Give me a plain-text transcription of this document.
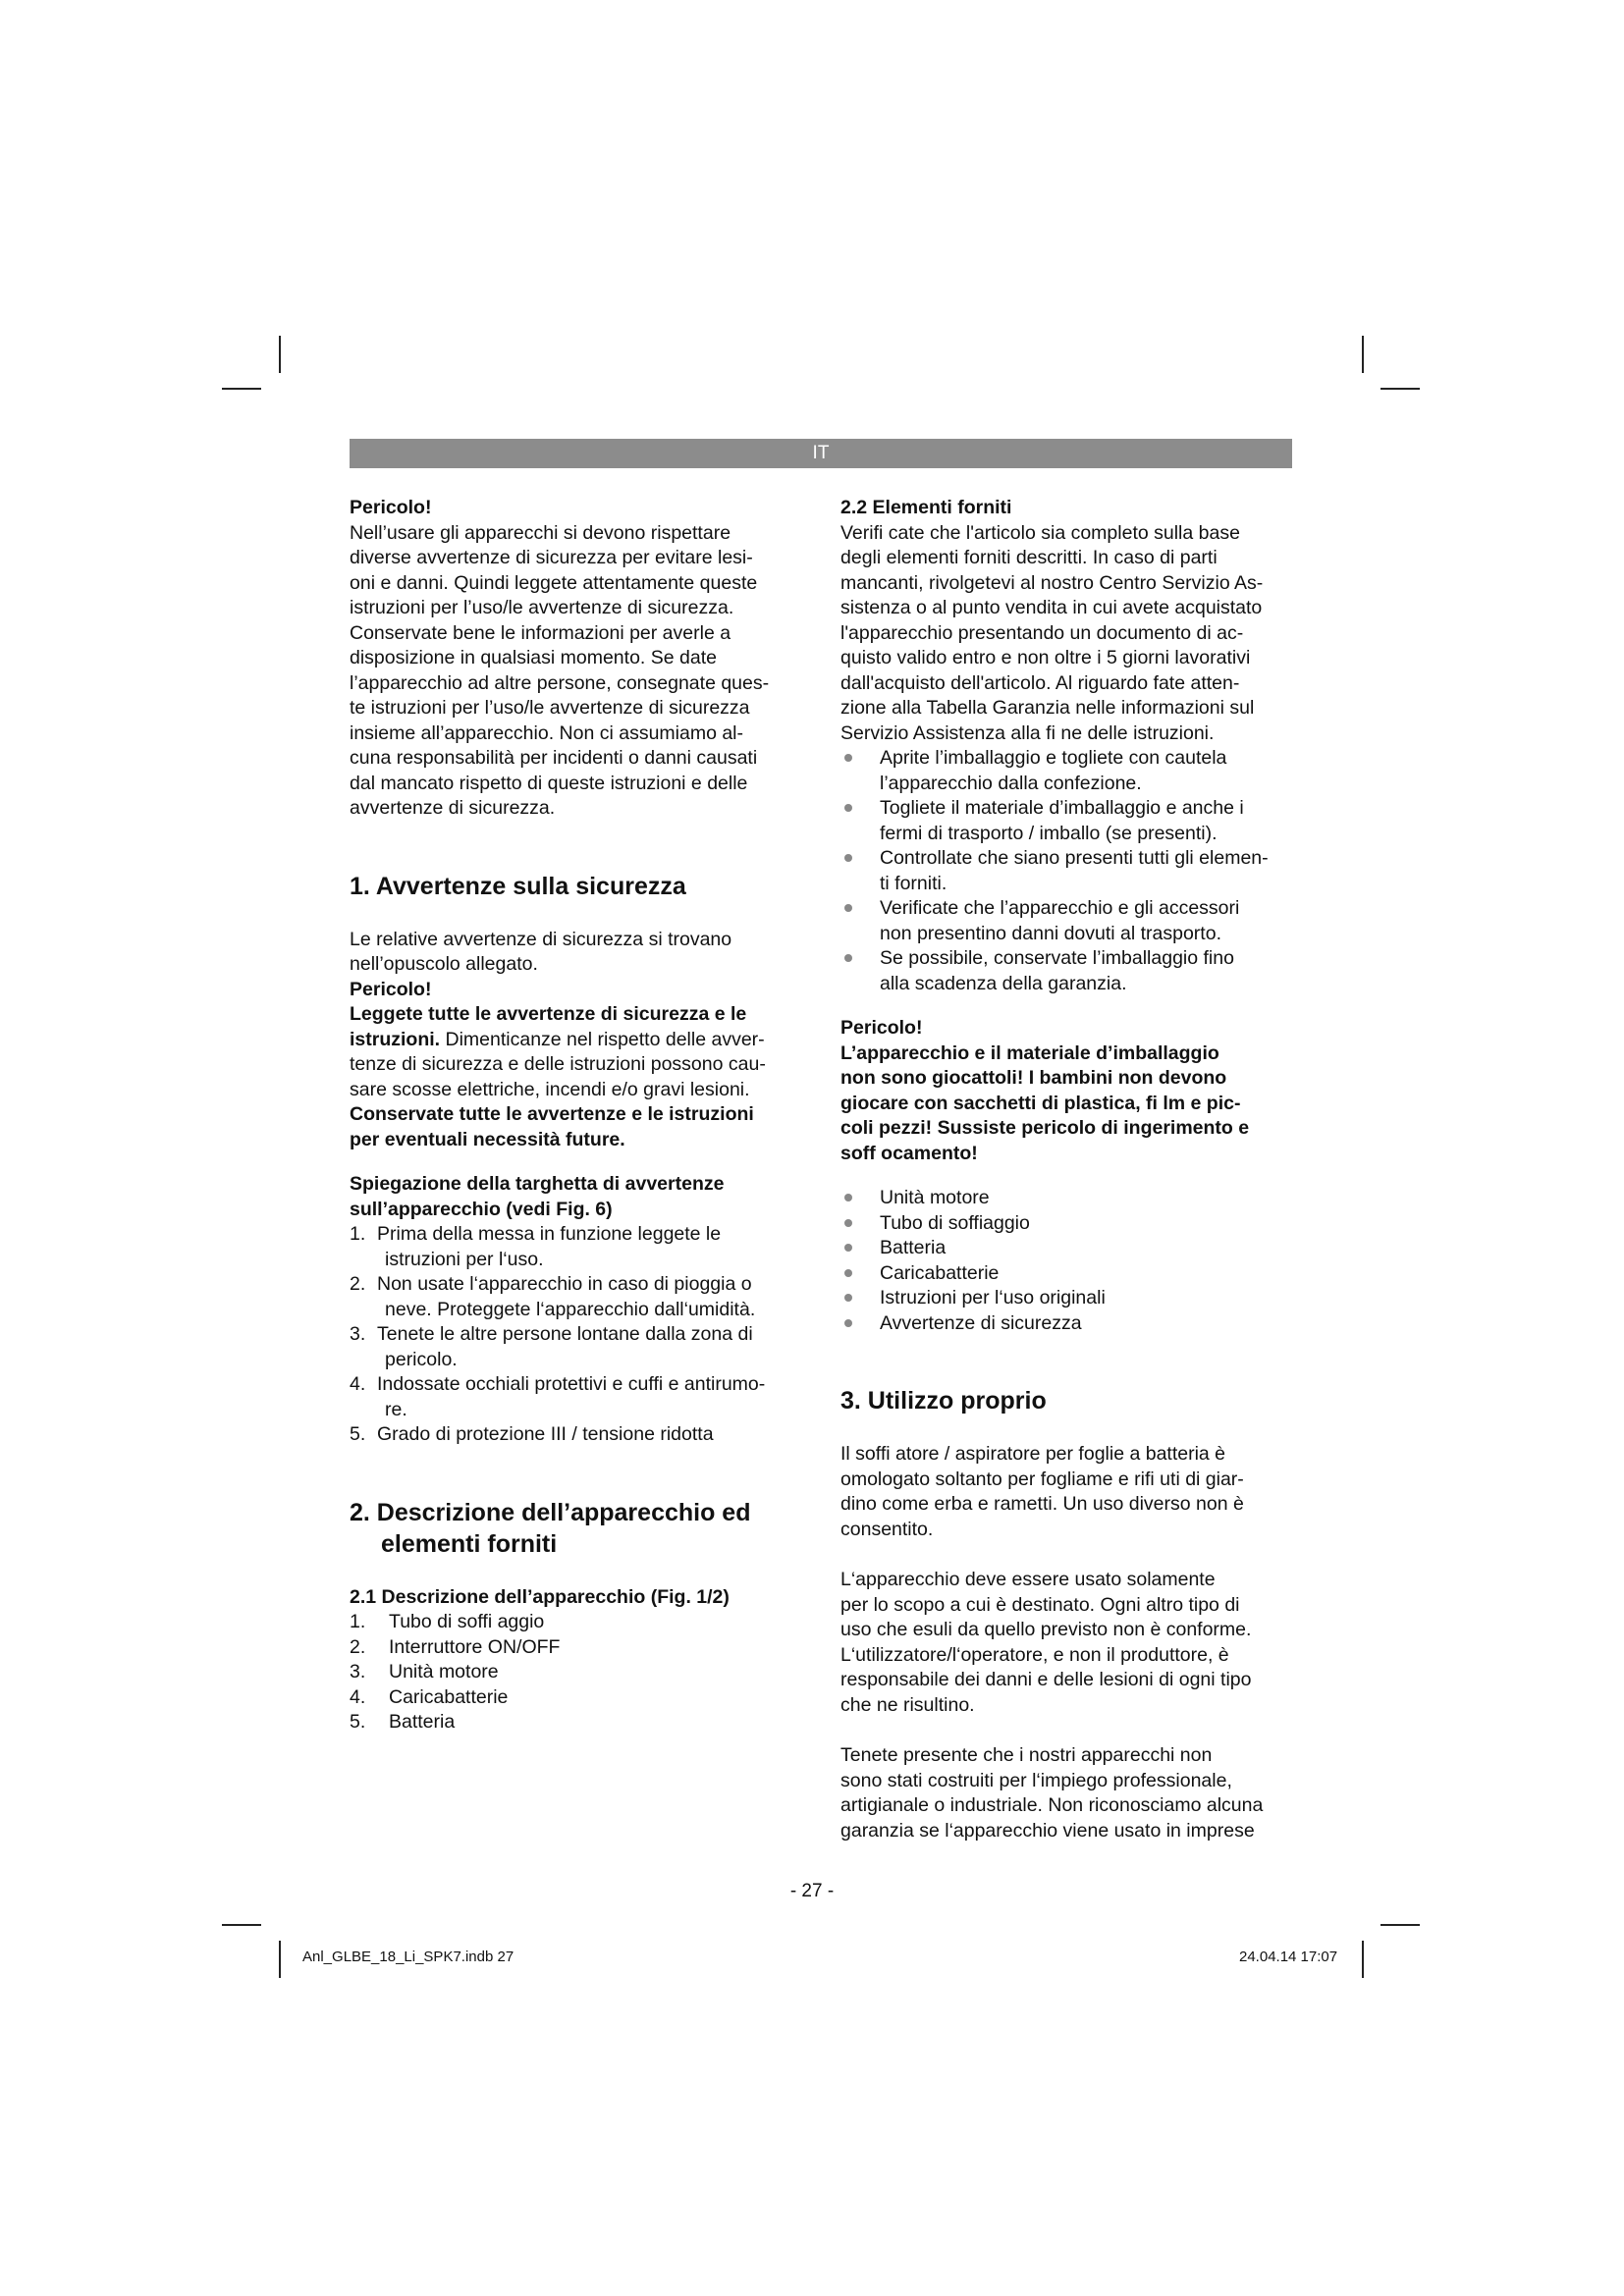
IT

Pericolo!

Nell’usare gli apparecchi si devono rispettare

diverse avvertenze di sicurezza per evitare lesi-

oni e danni. Quindi leggete attentamente queste

istruzioni per l’uso/le avvertenze di sicurezza.

Conservate bene le informazioni per averle a

disposizione in qualsiasi momento. Se date

l’apparecchio ad altre persone, consegnate ques-

te istruzioni per l’uso/le avvertenze di sicurezza

insieme all’apparecchio. Non ci assumiamo al-

cuna responsabilità per incidenti o danni causati

dal mancato rispetto di queste istruzioni e delle

avvertenze di sicurezza.

1. Avvertenze sulla sicurezza

Le relative avvertenze di sicurezza si trovano

nell’opuscolo allegato.

Pericolo!

Leggete tutte le avvertenze di sicurezza e le

istruzioni. Dimenticanze nel rispetto delle avver-

tenze di sicurezza e delle istruzioni possono cau-

sare scosse elettriche, incendi e/o gravi lesioni.

Conservate tutte le avvertenze e le istruzioni

per eventuali necessità future.

Spiegazione della targhetta di avvertenze

sull’apparecchio (vedi Fig. 6)

1. Prima della messa in funzione leggete le
istruzioni per l‘uso.
2. Non usate l‘apparecchio in caso di pioggia o
neve. Proteggete l‘apparecchio dall‘umidità.
3. Tenete le altre persone lontane dalla zona di
pericolo.
4. Indossate occhiali protettivi e cuffi e antirumo-
re.
5. Grado di protezione III / tensione ridotta

2. Descrizione dell’apparecchio ed elementi forniti

2.1 Descrizione dell’apparecchio (Fig. 1/2)

1. Tubo di soffi aggio
2. Interruttore ON/OFF
3. Unità motore
4. Caricabatterie
5. Batteria

2.2 Elementi forniti

Verifi cate che l'articolo sia completo sulla base

degli elementi forniti descritti. In caso di parti

mancanti, rivolgetevi al nostro Centro Servizio As-

sistenza o al punto vendita in cui avete acquistato

l'apparecchio presentando un documento di ac-

quisto valido entro e non oltre i 5 giorni lavorativi

dall'acquisto dell'articolo. Al riguardo fate atten-

zione alla Tabella Garanzia nelle informazioni sul

Servizio Assistenza alla fi ne delle istruzioni.

Aprite l’imballaggio e togliete con cautela
l’apparecchio dalla confezione.
Togliete il materiale d’imballaggio e anche i
fermi di trasporto / imballo (se presenti).
Controllate che siano presenti tutti gli elemen-
ti forniti.
Verificate che l’apparecchio e gli accessori
non presentino danni dovuti al trasporto.
Se possibile, conservate l’imballaggio fino
alla scadenza della garanzia.

Pericolo!

L’apparecchio e il materiale d’imballaggio

non sono giocattoli! I bambini non devono

giocare con sacchetti di plastica, fi lm e pic-

coli pezzi! Sussiste pericolo di ingerimento e

soff ocamento!

Unità motore
Tubo di soffiaggio
Batteria
Caricabatterie
Istruzioni per l‘uso originali
Avvertenze di sicurezza

3. Utilizzo proprio

Il soffi atore / aspiratore per foglie a batteria è

omologato soltanto per fogliame e rifi uti di giar-

dino come erba e rametti. Un uso diverso non è

consentito.

L‘apparecchio deve essere usato solamente

per lo scopo a cui è destinato. Ogni altro tipo di

uso che esuli da quello previsto non è conforme.

L‘utilizzatore/l‘operatore, e non il produttore, è

responsabile dei danni e delle lesioni di ogni tipo

che ne risultino.

Tenete presente che i nostri apparecchi non

sono stati costruiti per l‘impiego professionale,

artigianale o industriale. Non riconosciamo alcuna

garanzia se l‘apparecchio viene usato in imprese

- 27 -
Anl_GLBE_18_Li_SPK7.indb 27	24.04.14 17:07
